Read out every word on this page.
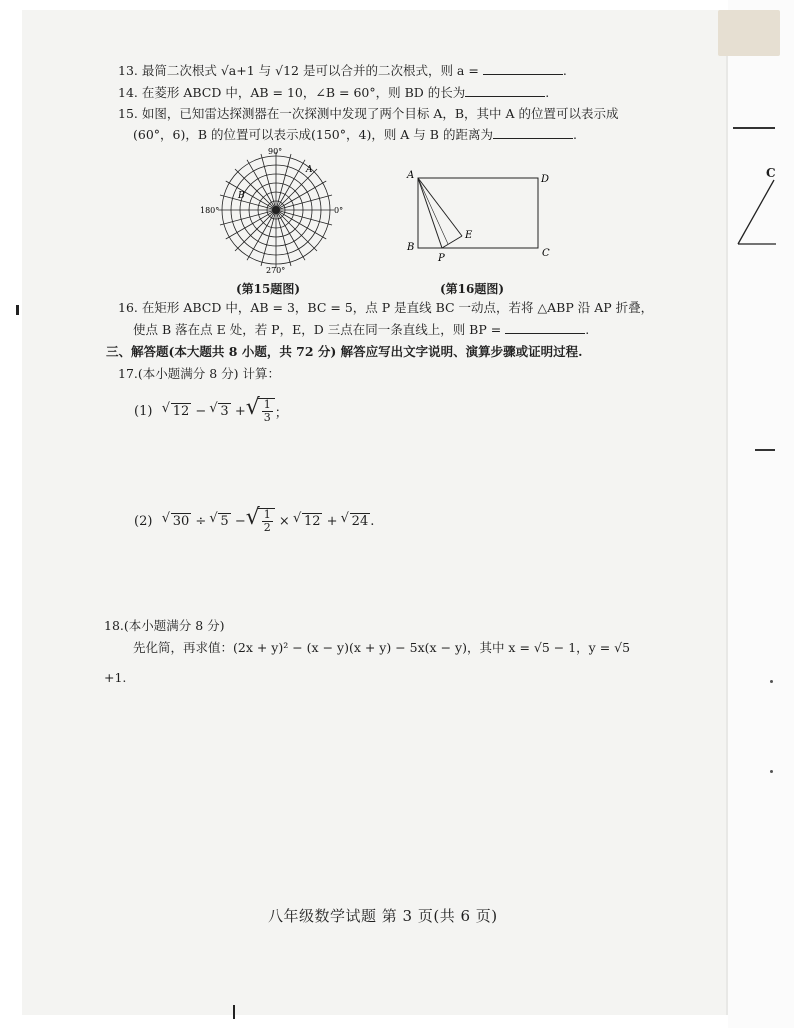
C
13. 最简二次根式 √a+1 与 √12 是可以合并的二次根式，则 a =	.
14. 在菱形 ABCD 中，AB = 10，∠B = 60°，则 BD 的长为	.
15. 如图，已知雷达探测器在一次探测中发现了两个目标 A，B，其中 A 的位置可以表示成
(60°，6)，B 的位置可以表示成(150°，4)，则 A 与 B 的距离为	.
90°
180°	0°
270°
A
B
(第15题图)
A	D
B
C
E
P
(第16题图)
16. 在矩形 ABCD 中，AB = 3，BC = 5，点 P 是直线 BC 一动点，若将 △ABP 沿 AP 折叠，
使点 B 落在点 E 处，若 P，E，D 三点在同一条直线上，则 BP =	.
三、解答题(本大题共 8 小题，共 72 分) 解答应写出文字说明、演算步骤或证明过程.
17.(本小题满分 8 分) 计算：
(1)
√ 12
−
√ 3
+ √ $\frac{1}{3}$ ；
(2)
√ 30
÷
√ 5
− √ $\frac{1}{2}$
×
√ 12
+
√ 24 .
18.(本小题满分 8 分)
先化简，再求值：(2x + y)² − (x − y)(x + y) − 5x(x − y)，其中 x = √5 − 1，y = √5
+1.
八年级数学试题 第 3 页(共 6 页)
